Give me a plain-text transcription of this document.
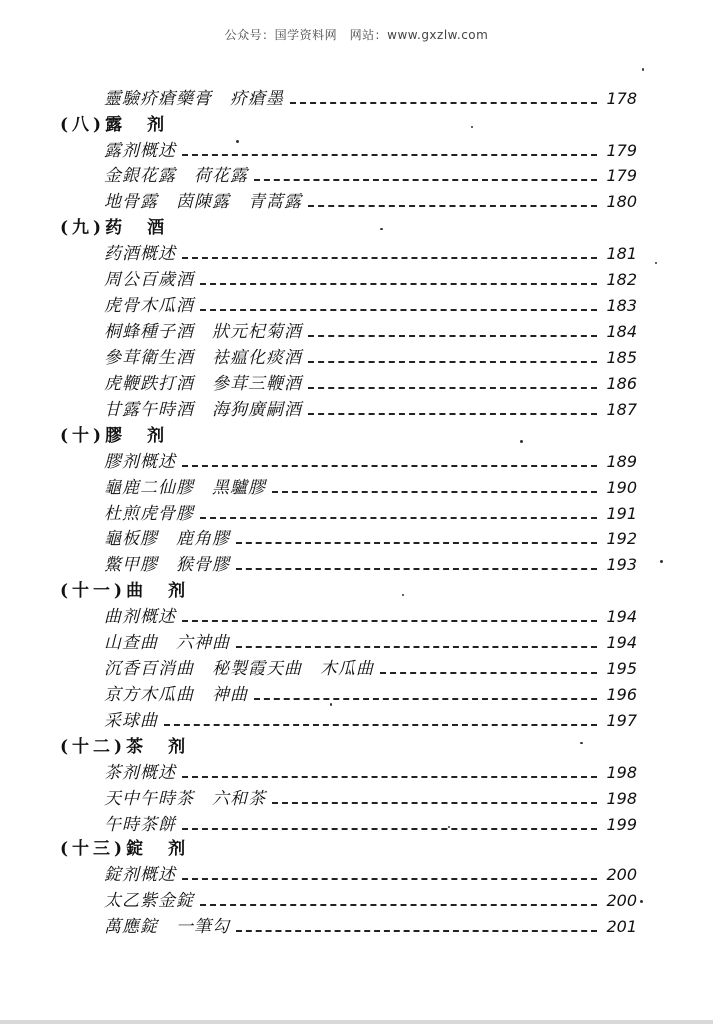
公众号：国学资料网　网站：www.gxzlw.com
靈驗疥瘡藥膏　疥瘡墨	178
(八)露　剂
露剂概述	179
金銀花露　荷花露	179
地骨露　茵陳露　青蒿露	180
(九)药　酒
药酒概述	181
周公百歲酒	182
虎骨木瓜酒	183
桐蜂種子酒　狀元杞菊酒	184
參茸衛生酒　袪瘟化痰酒	185
虎鞭跌打酒　參茸三鞭酒	186
甘露午時酒　海狗廣嗣酒	187
(十)膠　剂
膠剂概述	189
龜鹿二仙膠　黑驢膠	190
杜煎虎骨膠	191
龜板膠　鹿角膠	192
鱉甲膠　猴骨膠	193
(十一)曲　剂
曲剂概述	194
山查曲　六神曲	194
沉香百消曲　秘製霞天曲　木瓜曲	195
京方木瓜曲　神曲	196
采球曲	197
(十二)茶　剂
茶剂概述	198
天中午時茶　六和茶	198
午時茶餅	199
(十三)錠　剂
錠剂概述	200
太乙紫金錠	200
萬應錠　一筆勾	201
